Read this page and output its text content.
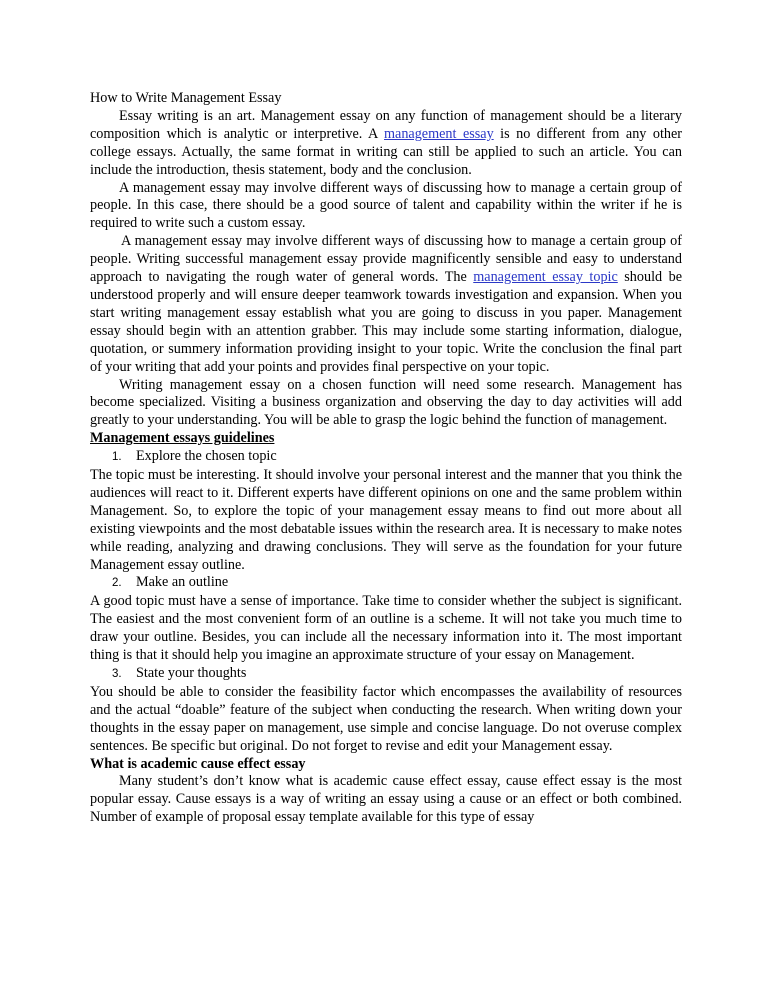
How to Write Management Essay

Essay writing is an art. Management essay on any function of management should be a literary composition which is analytic or interpretive. A management essay is no different from any other college essays. Actually, the same format in writing can still be applied to such an article. You can include the introduction, thesis statement, body and the conclusion.

A management essay may involve different ways of discussing how to manage a certain group of people. In this case, there should be a good source of talent and capability within the writer if he is required to write such a custom essay.

A management essay may involve different ways of discussing how to manage a certain group of people. Writing successful management essay provide magnificently sensible and easy to understand approach to navigating the rough water of general words. The management essay topic should be understood properly and will ensure deeper teamwork towards investigation and expansion. When you start writing management essay establish what you are going to discuss in you paper. Management essay should begin with an attention grabber. This may include some starting information, dialogue, quotation, or summery information providing insight to your topic. Write the conclusion the final part of your writing that add your points and provides final perspective on your topic.

Writing management essay on a chosen function will need some research. Management has become specialized. Visiting a business organization and observing the day to day activities will add greatly to your understanding. You will be able to grasp the logic behind the function of management.

Management essays guidelines

1. Explore the chosen topic

The topic must be interesting. It should involve your personal interest and the manner that you think the audiences will react to it. Different experts have different opinions on one and the same problem within Management. So, to explore the topic of your management essay means to find out more about all existing viewpoints and the most debatable issues within the research area. It is necessary to make notes while reading, analyzing and drawing conclusions. They will serve as the foundation for your future Management essay outline.

2. Make an outline

A good topic must have a sense of importance. Take time to consider whether the subject is significant. The easiest and the most convenient form of an outline is a scheme. It will not take you much time to draw your outline. Besides, you can include all the necessary information into it. The most important thing is that it should help you imagine an approximate structure of your essay on Management.

3. State your thoughts

You should be able to consider the feasibility factor which encompasses the availability of resources and the actual “doable” feature of the subject when conducting the research. When writing down your thoughts in the essay paper on management, use simple and concise language. Do not overuse complex sentences. Be specific but original. Do not forget to revise and edit your Management essay.

What is academic cause effect essay

Many student’s don’t know what is academic cause effect essay, cause effect essay is the most popular essay. Cause essays is a way of writing an essay using a cause or an effect or both combined. Number of example of proposal essay template available for this type of essay
